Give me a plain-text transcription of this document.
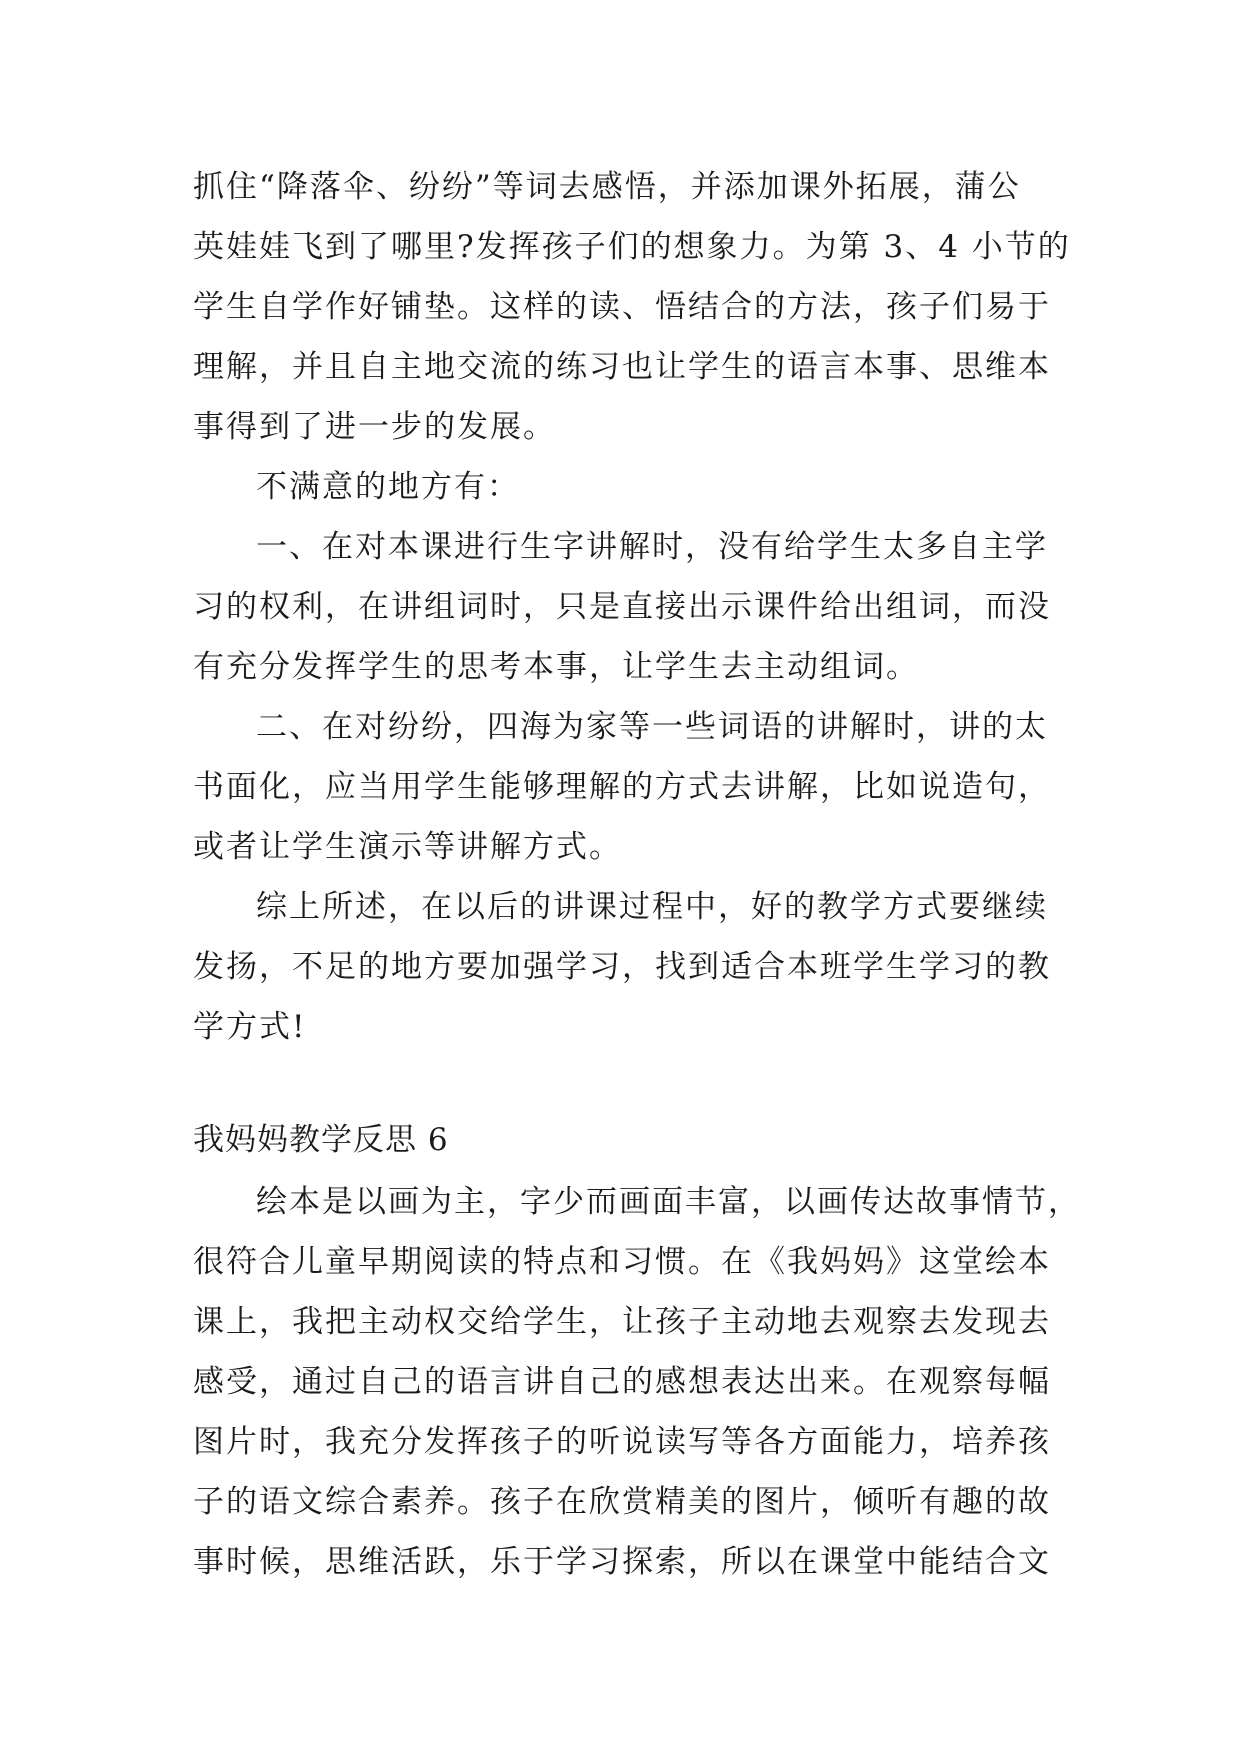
抓住“降落伞、纷纷”等词去感悟，并添加课外拓展，蒲公
英娃娃飞到了哪里?发挥孩子们的想象力。为第 3、4 小节的
学生自学作好铺垫。这样的读、悟结合的方法，孩子们易于
理解，并且自主地交流的练习也让学生的语言本事、思维本
事得到了进一步的发展。
不满意的地方有：
一、在对本课进行生字讲解时，没有给学生太多自主学
习的权利，在讲组词时，只是直接出示课件给出组词，而没
有充分发挥学生的思考本事，让学生去主动组词。
二、在对纷纷，四海为家等一些词语的讲解时，讲的太
书面化，应当用学生能够理解的方式去讲解，比如说造句，
或者让学生演示等讲解方式。
综上所述，在以后的讲课过程中，好的教学方式要继续
发扬，不足的地方要加强学习，找到适合本班学生学习的教
学方式!
我妈妈教学反思 6
绘本是以画为主，字少而画面丰富，以画传达故事情节，
很符合儿童早期阅读的特点和习惯。在《我妈妈》这堂绘本
课上，我把主动权交给学生，让孩子主动地去观察去发现去
感受，通过自己的语言讲自己的感想表达出来。在观察每幅
图片时，我充分发挥孩子的听说读写等各方面能力，培养孩
子的语文综合素养。孩子在欣赏精美的图片，倾听有趣的故
事时候，思维活跃，乐于学习探索，所以在课堂中能结合文
